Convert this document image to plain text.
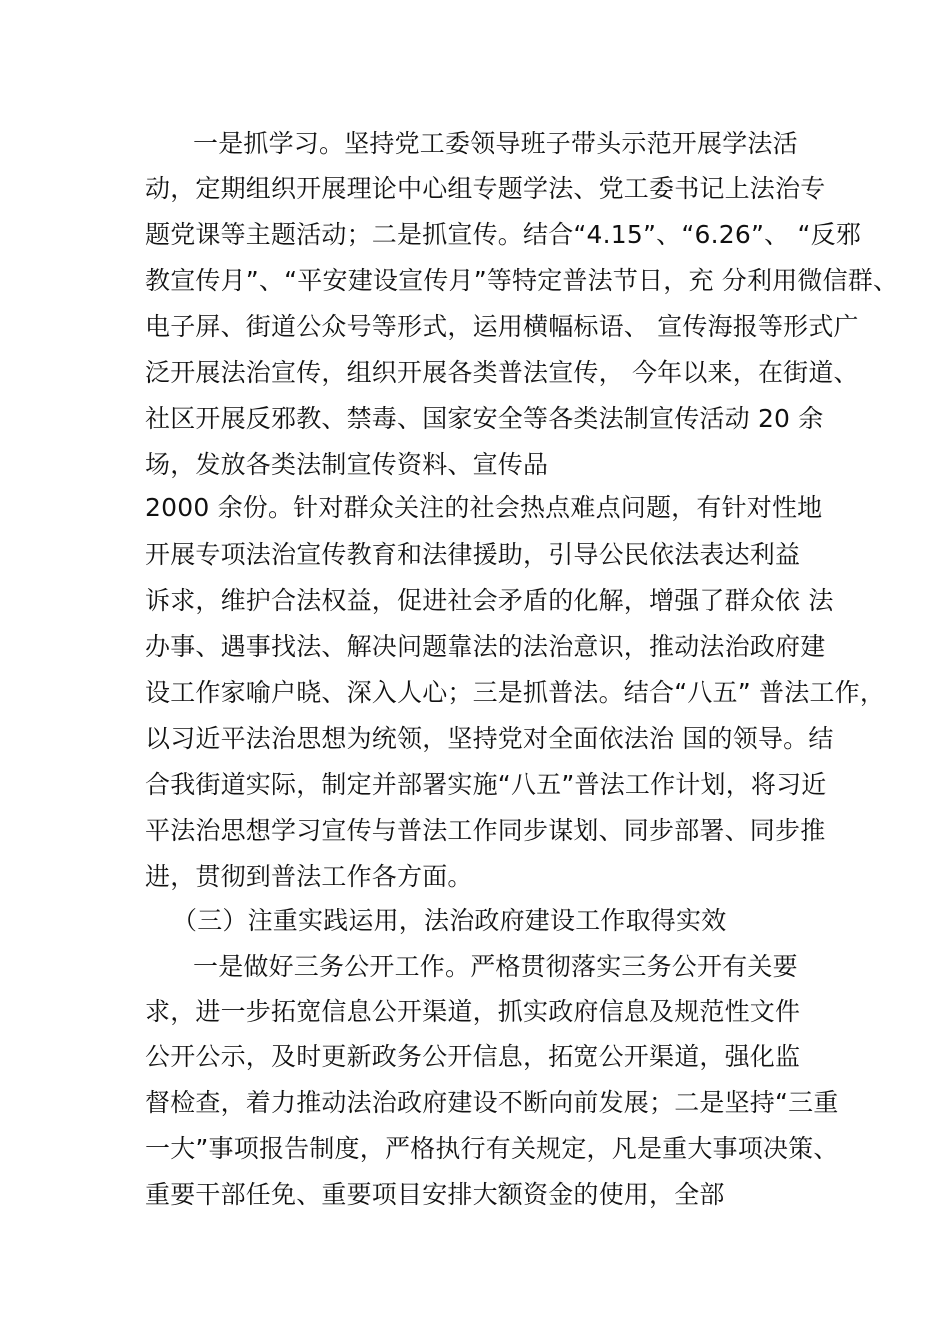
一是抓学习。坚持党工委领导班子带头示范开展学法活
动，定期组织开展理论中心组专题学法、党工委书记上法治专
题党课等主题活动；二是抓宣传。结合“4.15”、“6.26”、 “反邪
教宣传月”、“平安建设宣传月”等特定普法节日，充 分利用微信群、
电子屏、街道公众号等形式，运用横幅标语、 宣传海报等形式广
泛开展法治宣传，组织开展各类普法宣传， 今年以来，在街道、
社区开展反邪教、禁毒、国家安全等各类法制宣传活动 20 余
场，发放各类法制宣传资料、宣传品
2000 余份。针对群众关注的社会热点难点问题，有针对性地
开展专项法治宣传教育和法律援助，引导公民依法表达利益
诉求，维护合法权益，促进社会矛盾的化解，增强了群众依 法
办事、遇事找法、解决问题靠法的法治意识，推动法治政府建
设工作家喻户晓、深入人心；三是抓普法。结合“八五” 普法工作，
以习近平法治思想为统领，坚持党对全面依法治 国的领导。结
合我街道实际，制定并部署实施“八五”普法工作计划，将习近
平法治思想学习宣传与普法工作同步谋划、同步部署、同步推
进，贯彻到普法工作各方面。
（三）注重实践运用，法治政府建设工作取得实效
一是做好三务公开工作。严格贯彻落实三务公开有关要
求，进一步拓宽信息公开渠道，抓实政府信息及规范性文件
公开公示，及时更新政务公开信息，拓宽公开渠道，强化监
督检查，着力推动法治政府建设不断向前发展；二是坚持“三重
一大”事项报告制度，严格执行有关规定，凡是重大事项决策、
重要干部任免、重要项目安排大额资金的使用，全部
